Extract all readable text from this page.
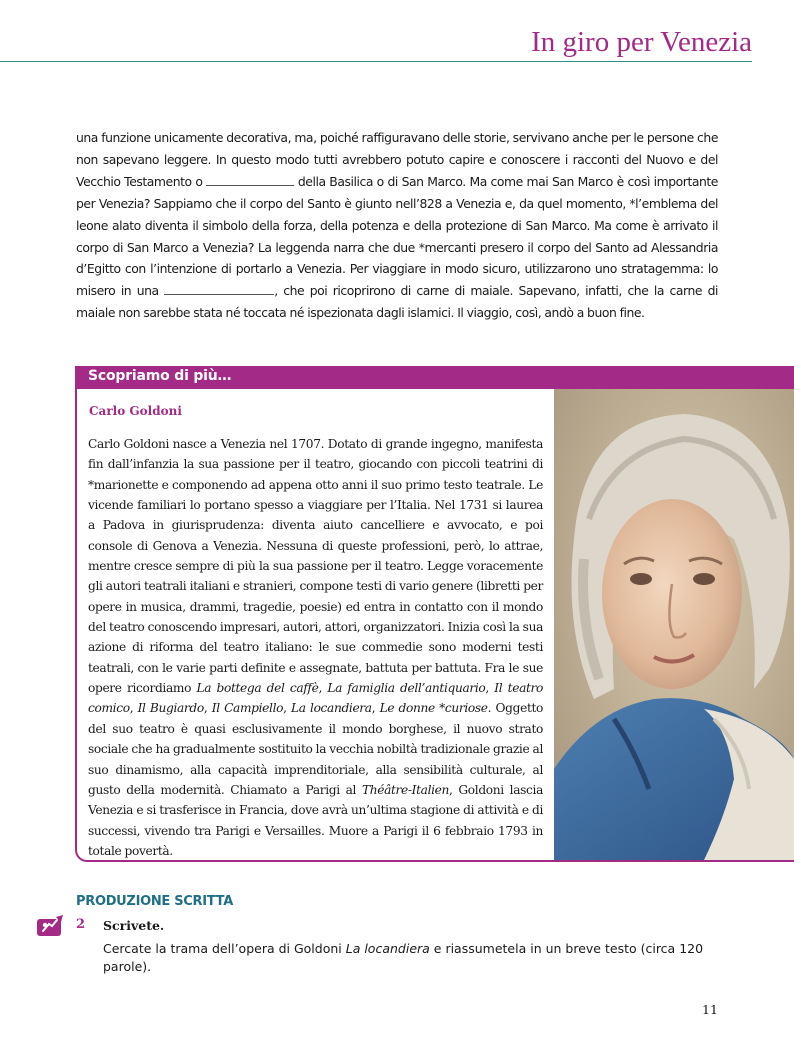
In giro per Venezia

una funzione unicamente decorativa, ma, poiché raffiguravano delle storie, servivano anche per le persone che non sapevano leggere. In questo modo tutti avrebbero potuto capire e conoscere i racconti del Nuovo e del Vecchio Testamento o	della Basilica o di San Marco. Ma come mai San Marco è così importante per Venezia? Sappiamo che il corpo del Santo è giunto nell’828 a Venezia e, da quel momento, *l’emblema del leone alato diventa il simbolo della forza, della potenza e della protezione di San Marco. Ma come è arrivato il corpo di San Marco a Venezia? La leggenda narra che due *mercanti presero il corpo del Santo ad Alessandria d’Egitto con l’intenzione di portarlo a Venezia. Per viaggiare in modo sicuro, utilizzarono uno stratagemma: lo misero in una	, che poi ricoprirono di carne di maiale. Sapevano, infatti, che la carne di maiale non sarebbe stata né toccata né ispezionata dagli islamici. Il viaggio, così, andò a buon fine.

Scopriamo di più…
Carlo Goldoni

Carlo Goldoni nasce a Venezia nel 1707. Dotato di grande ingegno, manifesta fin dall’infanzia la sua passione per il teatro, giocando con piccoli teatrini di *marionette e componendo ad appena otto anni il suo primo testo teatrale. Le vicende familiari lo portano spesso a viaggiare per l’Italia. Nel 1731 si laurea a Padova in giurisprudenza: diventa aiuto cancelliere e avvocato, e poi console di Genova a Venezia. Nessuna di queste professioni, però, lo attrae, mentre cresce sempre di più la sua passione per il teatro. Legge voracemente gli autori teatrali italiani e stranieri, compone testi di vario genere (libretti per opere in musica, drammi, tragedie, poesie) ed entra in contatto con il mondo del teatro conoscendo impresari, autori, attori, organizzatori. Inizia così la sua azione di riforma del teatro italiano: le sue commedie sono moderni testi teatrali, con le varie parti definite e assegnate, battuta per battuta. Fra le sue opere ricordiamo La bottega del caffè, La famiglia dell’antiquario, Il teatro comico, Il Bugiardo, Il Campiello, La locandiera, Le donne *curiose. Oggetto del suo teatro è quasi esclusivamente il mondo borghese, il nuovo strato sociale che ha gradualmente sostituito la vecchia nobiltà tradizionale grazie al suo dinamismo, alla capacità imprenditoriale, alla sensibilità culturale, al gusto della modernità. Chiamato a Parigi al Théâtre-Italien, Goldoni lascia Venezia e si trasferisce in Francia, dove avrà un’ultima stagione di attività e di successi, vivendo tra Parigi e Versailles. Muore a Parigi il 6 febbraio 1793 in totale povertà.

PRODUZIONE SCRITTA
2 Scrivete.

Cercate la trama dell’opera di Goldoni La locandiera e riassumetela in un breve testo (circa 120 parole).

11
